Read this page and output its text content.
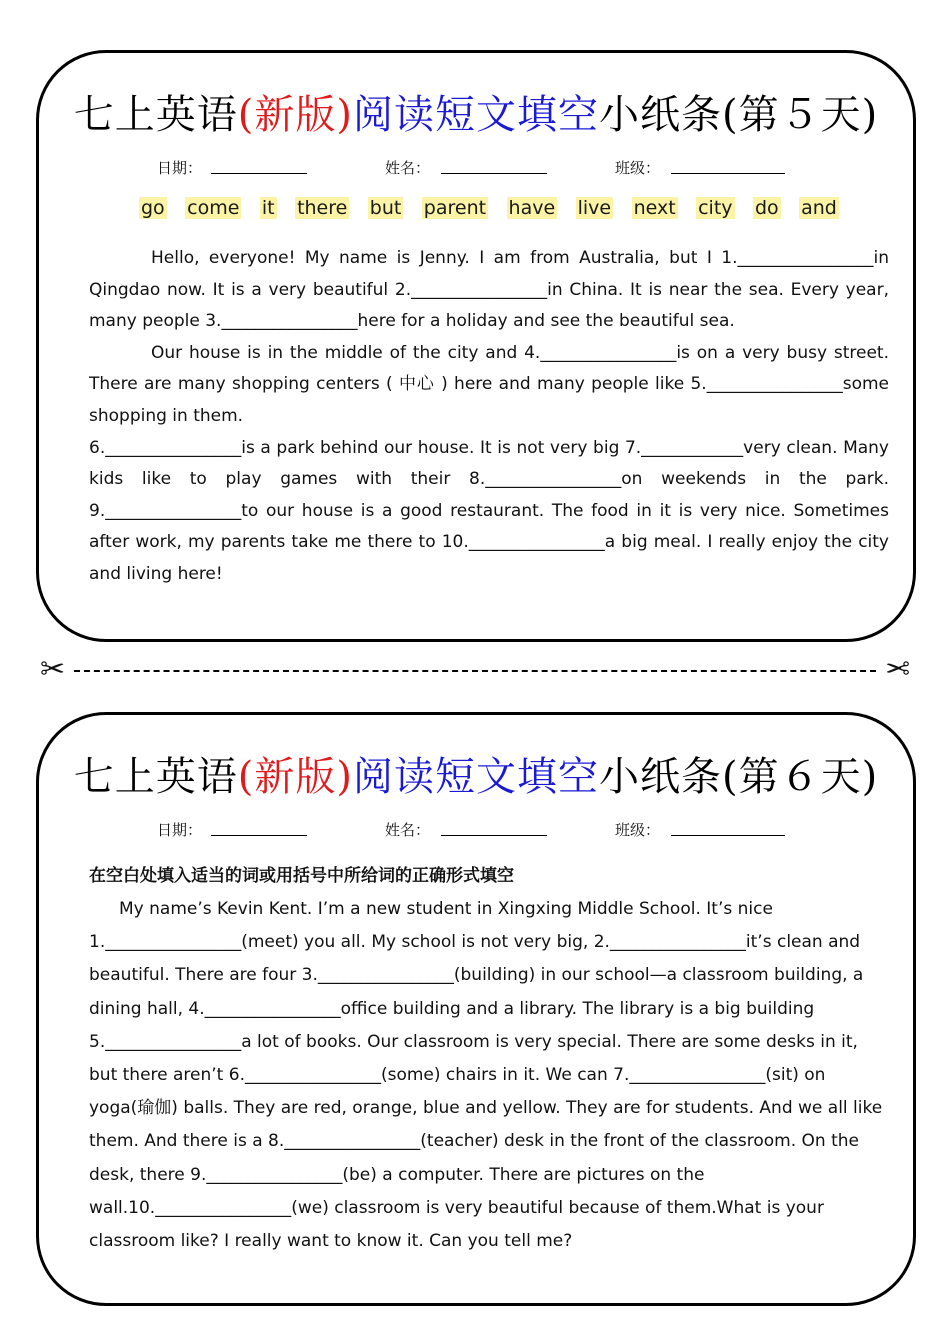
七上英语(新版)阅读短文填空小纸条(第５天)
日期：	姓名：	班级：
go come it there but parent have live next city do and

Hello, everyone! My name is Jenny. I am from Australia, but I 1.________________in Qingdao now. It is a very beautiful 2.________________in China. It is near the sea. Every year, many people 3.________________here for a holiday and see the beautiful sea.

Our house is in the middle of the city and 4.________________is on a very busy street. There are many shopping centers ( 中心 ) here and many people like 5.________________some shopping in them.

6.________________is a park behind our house. It is not very big 7.____________very clean. Many kids like to play games with their 8.________________on weekends in the park. 9.________________to our house is a good restaurant. The food in it is very nice. Sometimes after work, my parents take me there to 10.________________a big meal. I really enjoy the city and living here!

✂	✂
七上英语(新版)阅读短文填空小纸条(第６天)
日期：	姓名：	班级：
在空白处填入适当的词或用括号中所给词的正确形式填空

My name’s Kevin Kent. I’m a new student in Xingxing Middle School. It’s nice 1.________________(meet) you all. My school is not very big, 2.________________it’s clean and beautiful. There are four 3.________________(building) in our school—a classroom building, a dining hall, 4.________________office building and a library. The library is a big building 5.________________a lot of books. Our classroom is very special. There are some desks in it, but there aren’t 6.________________(some) chairs in it. We can 7.________________(sit) on yoga(瑜伽) balls. They are red, orange, blue and yellow. They are for students. And we all like them. And there is a 8.________________(teacher) desk in the front of the classroom. On the desk, there 9.________________(be) a computer. There are pictures on the wall.10.________________(we) classroom is very beautiful because of them.What is your classroom like? I really want to know it. Can you tell me?
